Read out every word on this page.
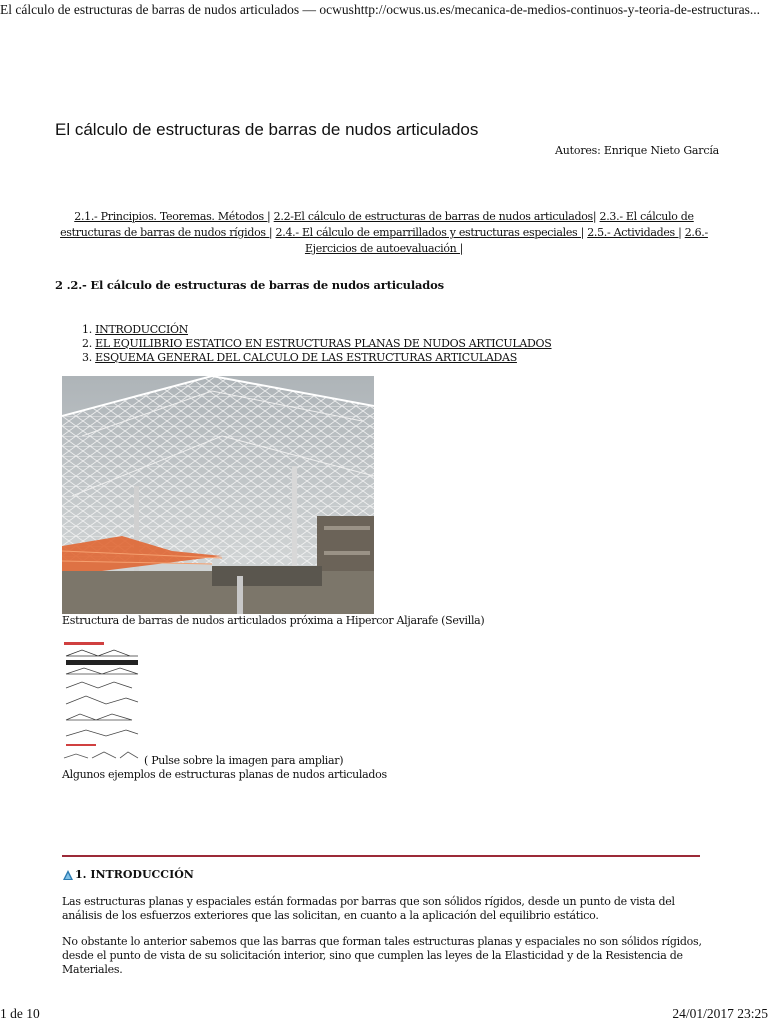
El cálculo de estructuras de barras de nudos articulados — ocwus http://ocwus.us.es/mecanica-de-medios-continuos-y-teoria-de-estructuras...
El cálculo de estructuras de barras de nudos articulados
Autores: Enrique Nieto García
2.1.- Principios. Teoremas. Métodos | 2.2-El cálculo de estructuras de barras de nudos articulados| 2.3.- El cálculo de estructuras de barras de nudos rígidos | 2.4.- El cálculo de emparrillados y estructuras especiales | 2.5.- Actividades | 2.6.- Ejercicios de autoevaluación |
2 .2.- El cálculo de estructuras de barras de nudos articulados
1. INTRODUCCIÓN
2. EL EQUILIBRIO ESTATICO EN ESTRUCTURAS PLANAS DE NUDOS ARTICULADOS
3. ESQUEMA GENERAL DEL CALCULO DE LAS ESTRUCTURAS ARTICULADAS
Estructura de barras de nudos articulados próxima a Hipercor Aljarafe (Sevilla)
( Pulse sobre la imagen para ampliar)
Algunos ejemplos de estructuras planas de nudos articulados
1. INTRODUCCIÓN

Las estructuras planas y espaciales están formadas por barras que son sólidos rígidos, desde un punto de vista del análisis de los esfuerzos exteriores que las solicitan, en cuanto a la aplicación del equilibrio estático.

No obstante lo anterior sabemos que las barras que forman tales estructuras planas y espaciales no son sólidos rígidos, desde el punto de vista de su solicitación interior, sino que cumplen las leyes de la Elasticidad y de la Resistencia de Materiales.

1 de 10	24/01/2017 23:25
